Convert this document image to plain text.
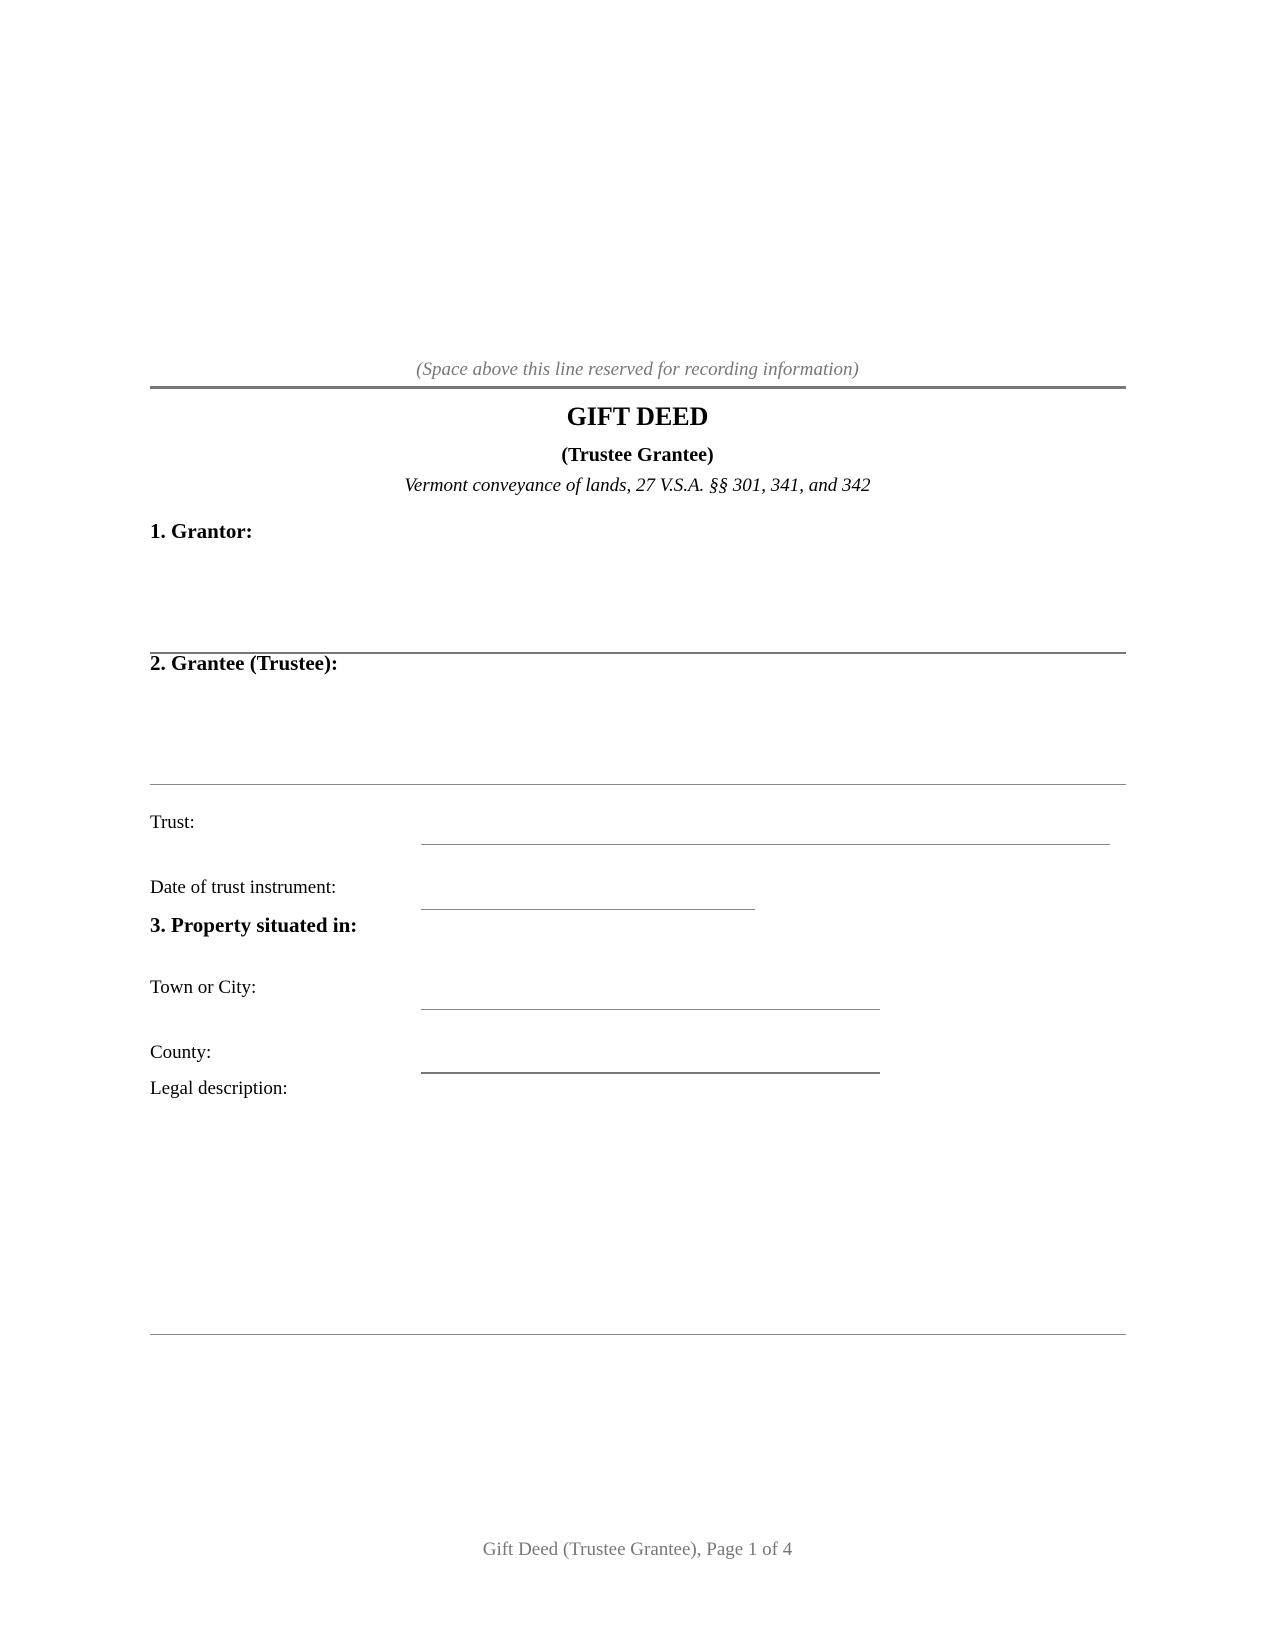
(Space above this line reserved for recording information)
GIFT DEED
(Trustee Grantee)
Vermont conveyance of lands, 27 V.S.A. §§ 301, 341, and 342
1. Grantor:
2. Grantee (Trustee):
Trust:
Date of trust instrument:
3. Property situated in:
Town or City:
County:
Legal description:
Gift Deed (Trustee Grantee), Page 1 of 4
